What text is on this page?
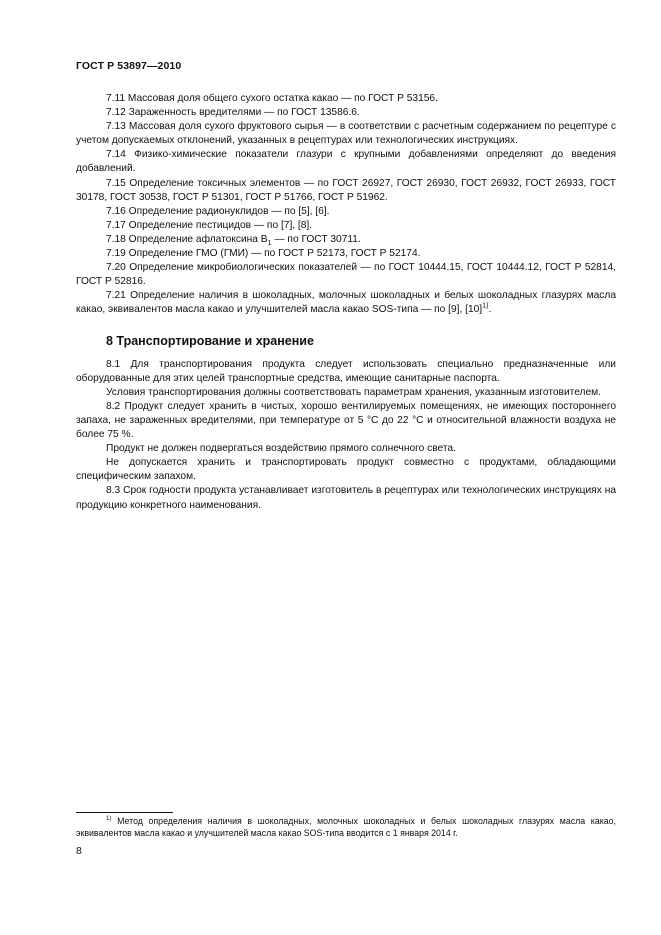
ГОСТ Р 53897—2010

7.11 Массовая доля общего сухого остатка какао — по ГОСТ Р 53156.

7.12 Зараженность вредителями — по ГОСТ 13586.6.

7.13 Массовая доля сухого фруктового сырья — в соответствии с расчетным содержанием по рецептуре с учетом допускаемых отклонений, указанных в рецептурах или технологических инструкциях.

7.14 Физико-химические показатели глазури с крупными добавлениями определяют до введения добавлений.

7.15 Определение токсичных элементов — по ГОСТ 26927, ГОСТ 26930, ГОСТ 26932, ГОСТ 26933, ГОСТ 30178, ГОСТ 30538, ГОСТ Р 51301, ГОСТ Р 51766, ГОСТ Р 51962.

7.16 Определение радионуклидов — по [5], [6].

7.17 Определение пестицидов — по [7], [8].

7.18 Определение афлатоксина $B_1$ — по ГОСТ 30711.

7.19 Определение ГМО (ГМИ) — по ГОСТ Р 52173, ГОСТ Р 52174.

7.20 Определение микробиологических показателей — по ГОСТ 10444.15, ГОСТ 10444.12, ГОСТ Р 52814, ГОСТ Р 52816.

7.21 Определение наличия в шоколадных, молочных шоколадных и белых шоколадных глазурях масла какао, эквивалентов масла какао и улучшителей масла какао SOS-типа — по [9], $[10]^{1)}$.

8 Транспортирование и хранение

8.1 Для транспортирования продукта следует использовать специально предназначенные или оборудованные для этих целей транспортные средства, имеющие санитарные паспорта.

Условия транспортирования должны соответствовать параметрам хранения, указанным изготовителем.

8.2 Продукт следует хранить в чистых, хорошо вентилируемых помещениях, не имеющих постороннего запаха, не зараженных вредителями, при температуре от 5 °С до 22 °С и относительной влажности воздуха не более 75 %.

Продукт не должен подвергаться воздействию прямого солнечного света.

Не допускается хранить и транспортировать продукт совместно с продуктами, обладающими специфическим запахом.

8.3 Срок годности продукта устанавливает изготовитель в рецептурах или технологических инструкциях на продукцию конкретного наименования.

$^{1)}$ Метод определения наличия в шоколадных, молочных шоколадных и белых шоколадных глазурях масла какао, эквивалентов масла какао и улучшителей масла какао SOS-типа вводится с 1 января 2014 г.

8
